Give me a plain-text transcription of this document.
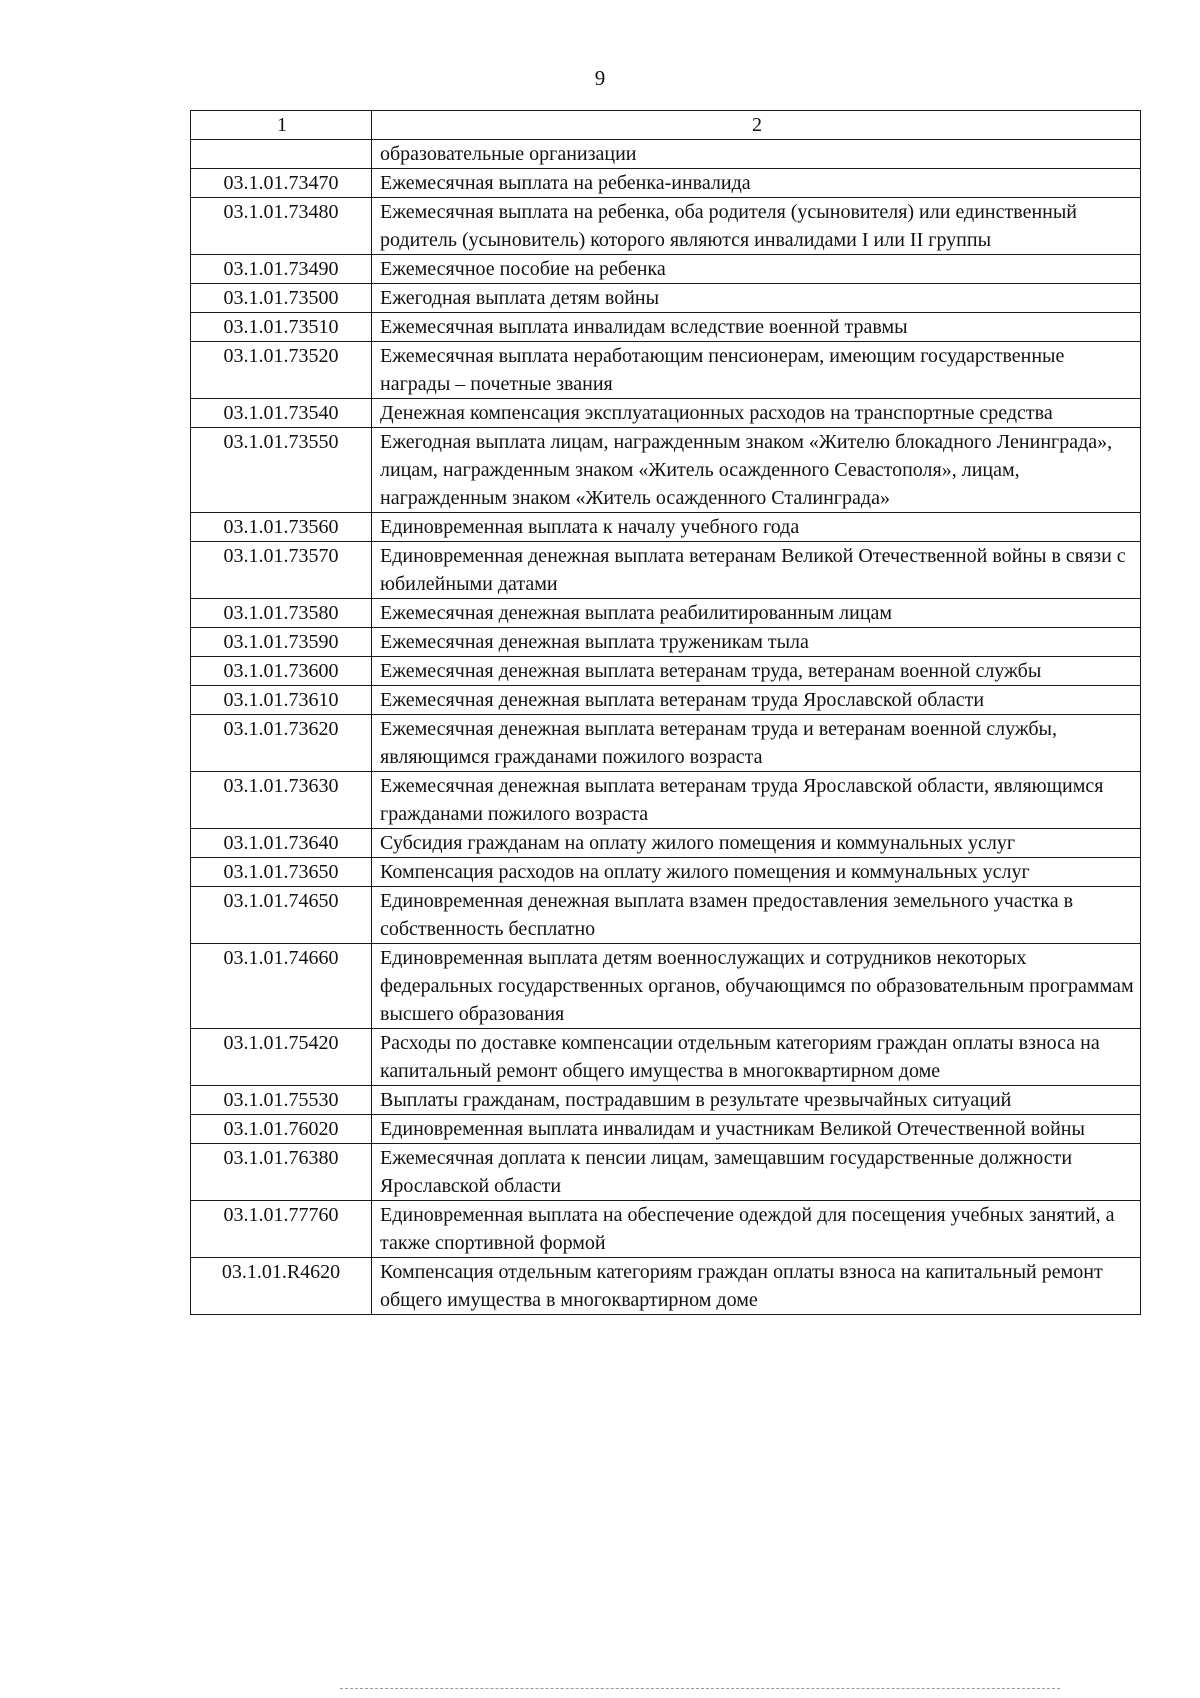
9
1	2
	образовательные организации
03.1.01.73470	Ежемесячная выплата на ребенка-инвалида
03.1.01.73480	Ежемесячная выплата на ребенка, оба родителя (усыновителя) или единственный родитель (усыновитель) которого являются инвалидами I или II группы
03.1.01.73490	Ежемесячное пособие на ребенка
03.1.01.73500	Ежегодная выплата детям войны
03.1.01.73510	Ежемесячная выплата инвалидам вследствие военной травмы
03.1.01.73520	Ежемесячная выплата неработающим пенсионерам, имеющим государственные награды – почетные звания
03.1.01.73540	Денежная компенсация эксплуатационных расходов на транспортные средства
03.1.01.73550	Ежегодная выплата лицам, награжденным знаком «Жителю блокадного Ленинграда», лицам, награжденным знаком «Житель осажденного Севастополя», лицам, награжденным знаком «Житель осажденного Сталинграда»
03.1.01.73560	Единовременная выплата к началу учебного года
03.1.01.73570	Единовременная денежная выплата ветеранам Великой Отечественной войны в связи с юбилейными датами
03.1.01.73580	Ежемесячная денежная выплата реабилитированным лицам
03.1.01.73590	Ежемесячная денежная выплата труженикам тыла
03.1.01.73600	Ежемесячная денежная выплата ветеранам труда, ветеранам военной службы
03.1.01.73610	Ежемесячная денежная выплата ветеранам труда Ярославской области
03.1.01.73620	Ежемесячная денежная выплата ветеранам труда и ветеранам военной службы, являющимся гражданами пожилого возраста
03.1.01.73630	Ежемесячная денежная выплата ветеранам труда Ярославской области, являющимся гражданами пожилого возраста
03.1.01.73640	Субсидия гражданам на оплату жилого помещения и коммунальных услуг
03.1.01.73650	Компенсация расходов на оплату жилого помещения и коммунальных услуг
03.1.01.74650	Единовременная денежная выплата взамен предоставления земельного участка в собственность бесплатно
03.1.01.74660	Единовременная выплата детям военнослужащих и сотрудников некоторых федеральных государственных органов, обучающимся по образовательным программам высшего образования
03.1.01.75420	Расходы по доставке компенсации отдельным категориям граждан оплаты взноса на капитальный ремонт общего имущества в многоквартирном доме
03.1.01.75530	Выплаты гражданам, пострадавшим в результате чрезвычайных ситуаций
03.1.01.76020	Единовременная выплата инвалидам и участникам Великой Отечественной войны
03.1.01.76380	Ежемесячная доплата к пенсии лицам, замещавшим государственные должности Ярославской области
03.1.01.77760	Единовременная выплата на обеспечение одеждой для посещения учебных занятий, а также спортивной формой
03.1.01.R4620	Компенсация отдельным категориям граждан оплаты взноса на капитальный ремонт общего имущества в многоквартирном доме
